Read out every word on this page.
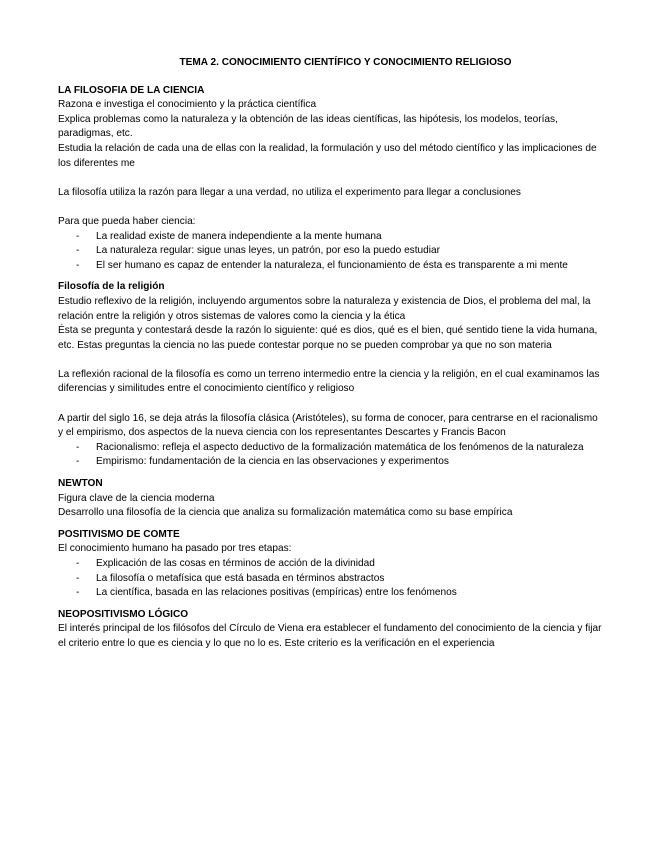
TEMA 2. CONOCIMIENTO CIENTÍFICO Y CONOCIMIENTO RELIGIOSO
LA FILOSOFIA DE LA CIENCIA

Razona e investiga el conocimiento y la práctica científica

Explica problemas como la naturaleza y la obtención de las ideas científicas, las hipótesis, los modelos, teorías, paradigmas, etc.

Estudia la relación de cada una de ellas con la realidad, la formulación y uso del método científico y las implicaciones de los diferentes me

La filosofía utiliza la razón para llegar a una verdad, no utiliza el experimento para llegar a conclusiones

Para que pueda haber ciencia:

- La realidad existe de manera independiente a la mente humana
- La naturaleza regular: sigue unas leyes, un patrón, por eso la puedo estudiar
- El ser humano es capaz de entender la naturaleza, el funcionamiento de ésta es transparente a mi mente
Filosofía de la religión

Estudio reflexivo de la religión, incluyendo argumentos sobre la naturaleza y existencia de Dios, el problema del mal, la relación entre la religión y otros sistemas de valores como la ciencia y la ética

Ésta se pregunta y contestará desde la razón lo siguiente: qué es dios, qué es el bien, qué sentido tiene la vida humana, etc. Estas preguntas la ciencia no las puede contestar porque no se pueden comprobar ya que no son materia

La reflexión racional de la filosofía es como un terreno intermedio entre la ciencia y la religión, en el cual examinamos las diferencias y similitudes entre el conocimiento científico y religioso

A partir del siglo 16, se deja atrás la filosofía clásica (Aristóteles), su forma de conocer, para centrarse en el racionalismo y el empirismo, dos aspectos de la nueva ciencia con los representantes Descartes y Francis Bacon

- Racionalismo: refleja el aspecto deductivo de la formalización matemática de los fenómenos de la naturaleza
- Empirismo: fundamentación de la ciencia en las observaciones y experimentos
NEWTON

Figura clave de la ciencia moderna

Desarrollo una filosofía de la ciencia que analiza su formalización matemática como su base empírica

POSITIVISMO DE COMTE

El conocimiento humano ha pasado por tres etapas:

- Explicación de las cosas en términos de acción de la divinidad
- La filosofía o metafísica que está basada en términos abstractos
- La científica, basada en las relaciones positivas (empíricas) entre los fenómenos
NEOPOSITIVISMO LÓGICO

El interés principal de los filósofos del Círculo de Viena era establecer el fundamento del conocimiento de la ciencia y fijar el criterio entre lo que es ciencia y lo que no lo es. Este criterio es la verificación en el experiencia
